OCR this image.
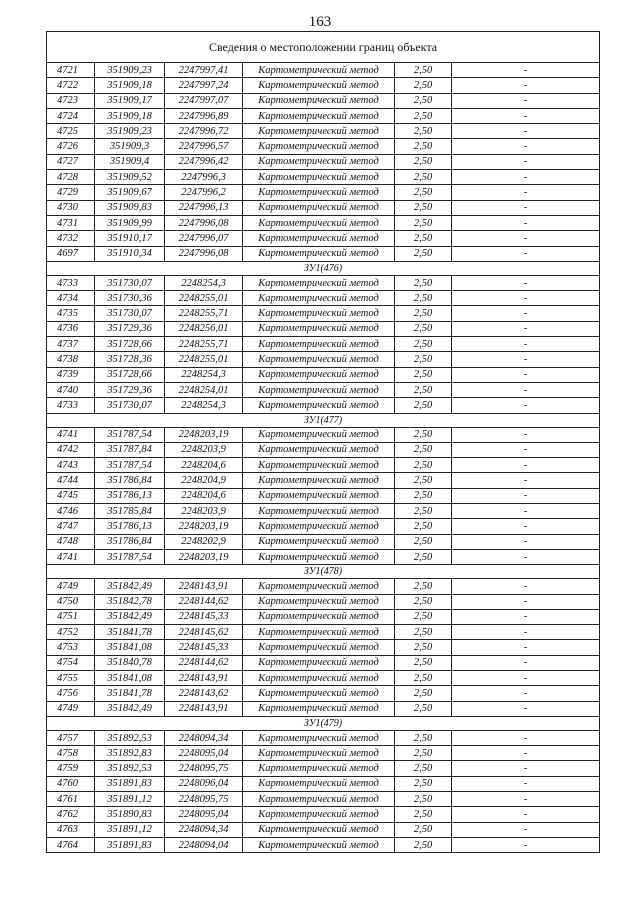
163
Сведения о местоположении границ объекта					
4721	351909,23	2247997,41	Картометрический метод	2,50	-
4722	351909,18	2247997,24	Картометрический метод	2,50	-
4723	351909,17	2247997,07	Картометрический метод	2,50	-
4724	351909,18	2247996,89	Картометрический метод	2,50	-
4725	351909,23	2247996,72	Картометрический метод	2,50	-
4726	351909,3	2247996,57	Картометрический метод	2,50	-
4727	351909,4	2247996,42	Картометрический метод	2,50	-
4728	351909,52	2247996,3	Картометрический метод	2,50	-
4729	351909,67	2247996,2	Картометрический метод	2,50	-
4730	351909,83	2247996,13	Картометрический метод	2,50	-
4731	351909,99	2247996,08	Картометрический метод	2,50	-
4732	351910,17	2247996,07	Картометрический метод	2,50	-
4697	351910,34	2247996,08	Картометрический метод	2,50	-
ЗУ1(476)					
4733	351730,07	2248254,3	Картометрический метод	2,50	-
4734	351730,36	2248255,01	Картометрический метод	2,50	-
4735	351730,07	2248255,71	Картометрический метод	2,50	-
4736	351729,36	2248256,01	Картометрический метод	2,50	-
4737	351728,66	2248255,71	Картометрический метод	2,50	-
4738	351728,36	2248255,01	Картометрический метод	2,50	-
4739	351728,66	2248254,3	Картометрический метод	2,50	-
4740	351729,36	2248254,01	Картометрический метод	2,50	-
4733	351730,07	2248254,3	Картометрический метод	2,50	-
ЗУ1(477)					
4741	351787,54	2248203,19	Картометрический метод	2,50	-
4742	351787,84	2248203,9	Картометрический метод	2,50	-
4743	351787,54	2248204,6	Картометрический метод	2,50	-
4744	351786,84	2248204,9	Картометрический метод	2,50	-
4745	351786,13	2248204,6	Картометрический метод	2,50	-
4746	351785,84	2248203,9	Картометрический метод	2,50	-
4747	351786,13	2248203,19	Картометрический метод	2,50	-
4748	351786,84	2248202,9	Картометрический метод	2,50	-
4741	351787,54	2248203,19	Картометрический метод	2,50	-
ЗУ1(478)					
4749	351842,49	2248143,91	Картометрический метод	2,50	-
4750	351842,78	2248144,62	Картометрический метод	2,50	-
4751	351842,49	2248145,33	Картометрический метод	2,50	-
4752	351841,78	2248145,62	Картометрический метод	2,50	-
4753	351841,08	2248145,33	Картометрический метод	2,50	-
4754	351840,78	2248144,62	Картометрический метод	2,50	-
4755	351841,08	2248143,91	Картометрический метод	2,50	-
4756	351841,78	2248143,62	Картометрический метод	2,50	-
4749	351842,49	2248143,91	Картометрический метод	2,50	-
ЗУ1(479)					
4757	351892,53	2248094,34	Картометрический метод	2,50	-
4758	351892,83	2248095,04	Картометрический метод	2,50	-
4759	351892,53	2248095,75	Картометрический метод	2,50	-
4760	351891,83	2248096,04	Картометрический метод	2,50	-
4761	351891,12	2248095,75	Картометрический метод	2,50	-
4762	351890,83	2248095,04	Картометрический метод	2,50	-
4763	351891,12	2248094,34	Картометрический метод	2,50	-
4764	351891,83	2248094,04	Картометрический метод	2,50	-
